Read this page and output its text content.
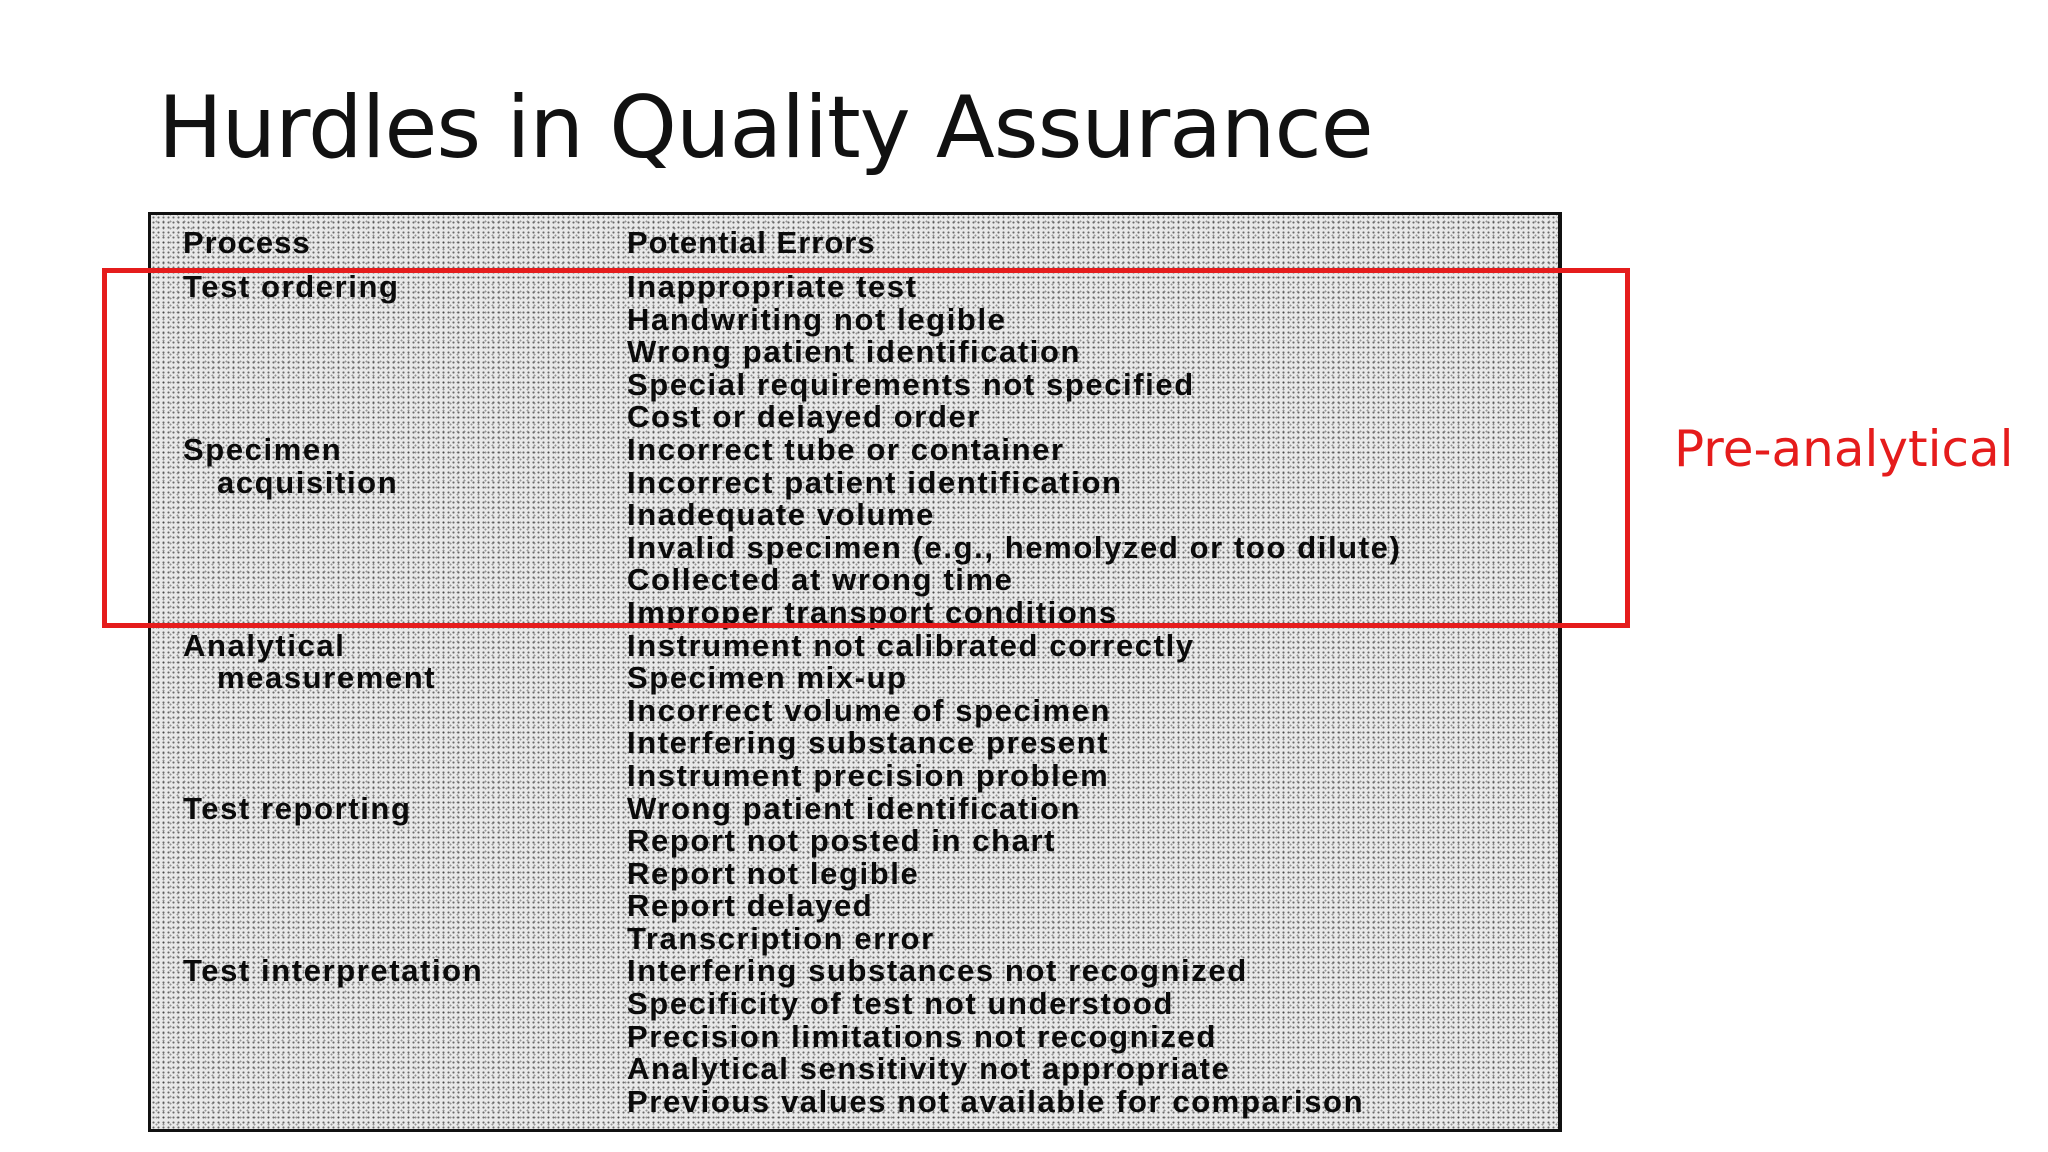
Hurdles in Quality Assurance
Process	Potential Errors
Test ordering
Specimen
acquisition
Analytical
measurement
Test reporting
Test interpretation
Inappropriate test
Handwriting not legible
Wrong patient identification
Special requirements not specified
Cost or delayed order
Incorrect tube or container
Incorrect patient identification
Inadequate volume
Invalid specimen (e.g., hemolyzed or too dilute)
Collected at wrong time
Improper transport conditions
Instrument not calibrated correctly
Specimen mix-up
Incorrect volume of specimen
Interfering substance present
Instrument precision problem
Wrong patient identification
Report not posted in chart
Report not legible
Report delayed
Transcription error
Interfering substances not recognized
Specificity of test not understood
Precision limitations not recognized
Analytical sensitivity not appropriate
Previous values not available for comparison
Pre-analytical
